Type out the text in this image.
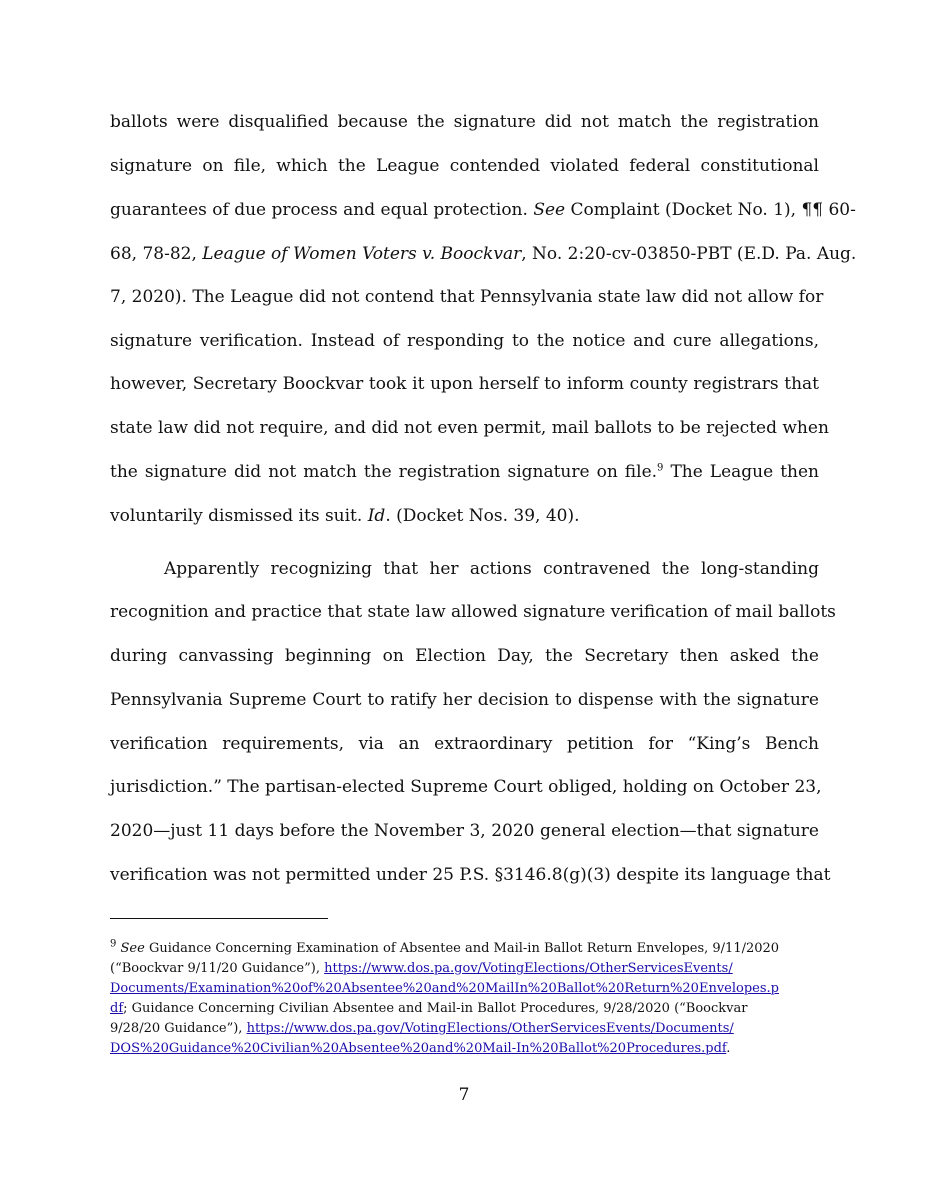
ballots were disqualified because the signature did not match the registration
signature on file, which the League contended violated federal constitutional
guarantees of due process and equal protection. See Complaint (Docket No. 1), ¶¶ 60-
68, 78-82, League of Women Voters v. Boockvar, No. 2:20-cv-03850-PBT (E.D. Pa. Aug.
7, 2020). The League did not contend that Pennsylvania state law did not allow for
signature verification. Instead of responding to the notice and cure allegations,
however, Secretary Boockvar took it upon herself to inform county registrars that
state law did not require, and did not even permit, mail ballots to be rejected when
the signature did not match the registration signature on file.$^9$ The League then
voluntarily dismissed its suit. Id. (Docket Nos. 39, 40).
Apparently recognizing that her actions contravened the long-standing
recognition and practice that state law allowed signature verification of mail ballots
during canvassing beginning on Election Day, the Secretary then asked the
Pennsylvania Supreme Court to ratify her decision to dispense with the signature
verification requirements, via an extraordinary petition for “King’s Bench
jurisdiction.” The partisan-elected Supreme Court obliged, holding on October 23,
2020—just 11 days before the November 3, 2020 general election—that signature
verification was not permitted under 25 P.S. §3146.8(g)(3) despite its language that
$^9$ See Guidance Concerning Examination of Absentee and Mail-in Ballot Return Envelopes, 9/11/2020
(“Boockvar 9/11/20 Guidance”), https://www.dos.pa.gov/VotingElections/OtherServicesEvents/
Documents/Examination%20of%20Absentee%20and%20MailIn%20Ballot%20Return%20Envelopes.p
df; Guidance Concerning Civilian Absentee and Mail-in Ballot Procedures, 9/28/2020 (“Boockvar
9/28/20 Guidance”), https://www.dos.pa.gov/VotingElections/OtherServicesEvents/Documents/
DOS%20Guidance%20Civilian%20Absentee%20and%20Mail-In%20Ballot%20Procedures.pdf.
7
